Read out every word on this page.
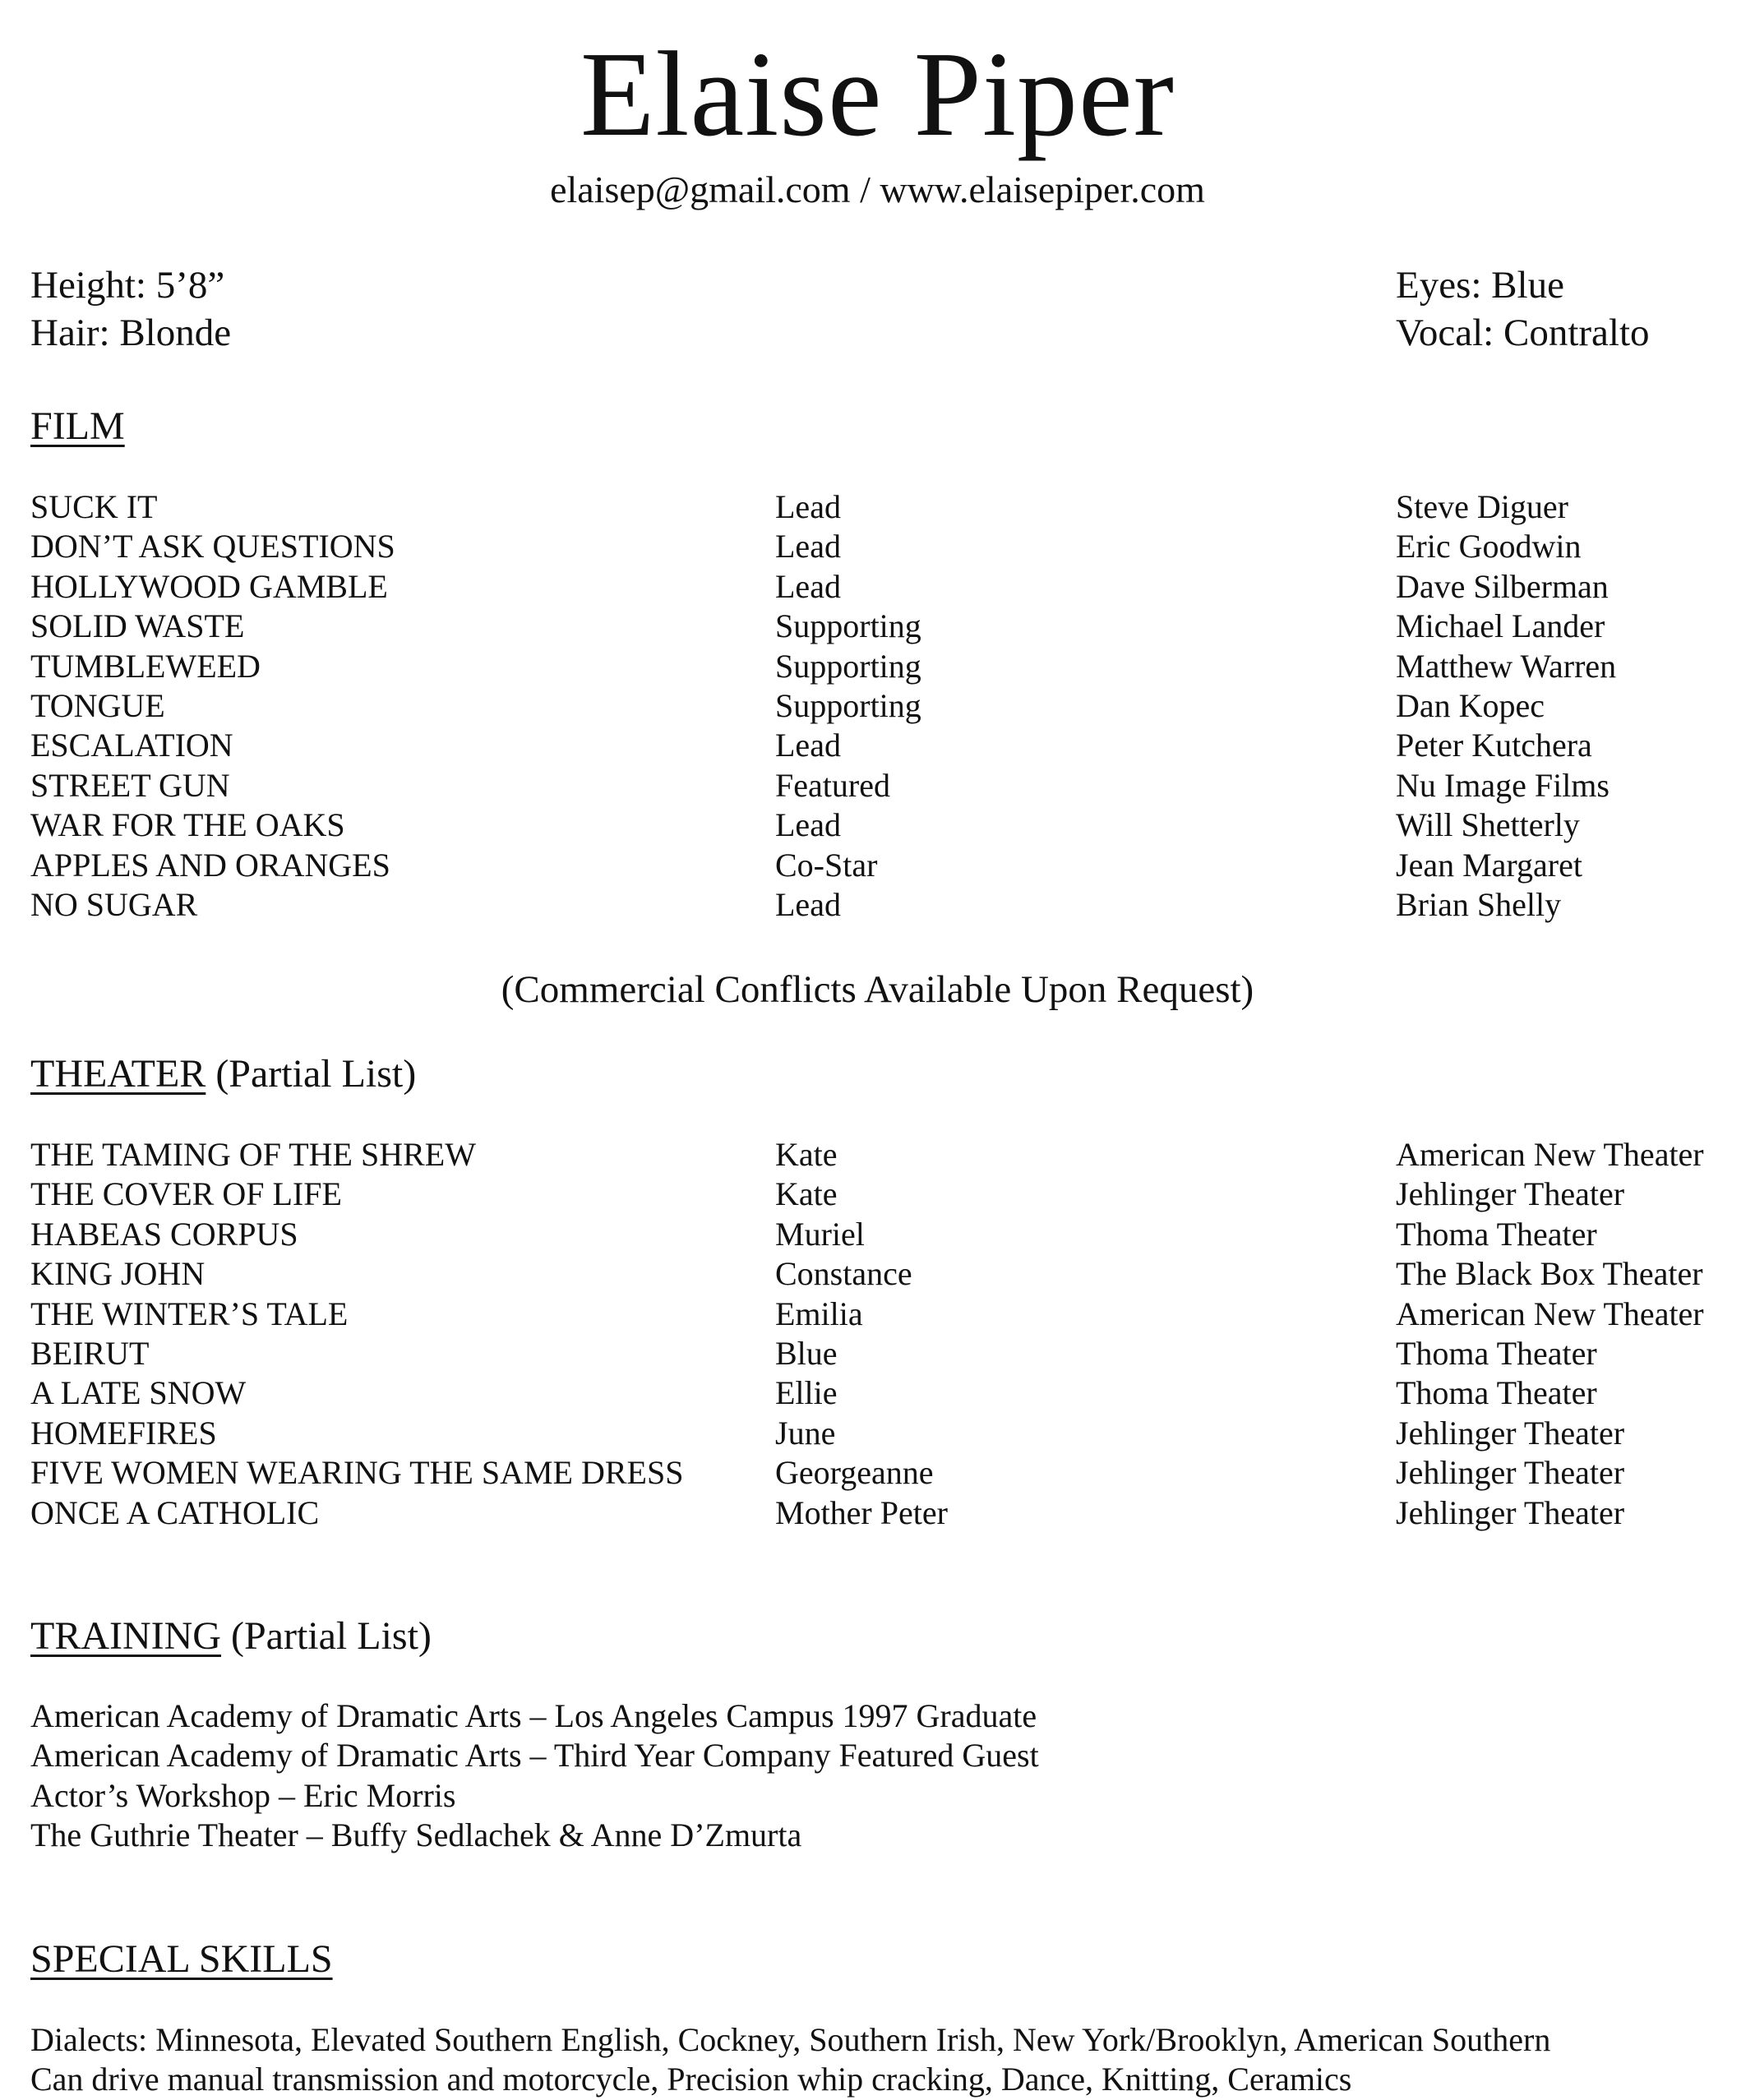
Elaise Piper
elaisep@gmail.com / www.elaisepiper.com
Height: 5’8”
Hair: Blonde
Eyes: Blue
Vocal: Contralto
FILM
SUCK IT	Lead	Steve Diguer
DON’T ASK QUESTIONS	Lead	Eric Goodwin
HOLLYWOOD GAMBLE	Lead	Dave Silberman
SOLID WASTE	Supporting	Michael Lander
TUMBLEWEED	Supporting	Matthew Warren
TONGUE	Supporting	Dan Kopec
ESCALATION	Lead	Peter Kutchera
STREET GUN	Featured	Nu Image Films
WAR FOR THE OAKS	Lead	Will Shetterly
APPLES AND ORANGES	Co-Star	Jean Margaret
NO SUGAR	Lead	Brian Shelly
(Commercial Conflicts Available Upon Request)
THEATER (Partial List)
THE TAMING OF THE SHREW	Kate	American New Theater
THE COVER OF LIFE	Kate	Jehlinger Theater
HABEAS CORPUS	Muriel	Thoma Theater
KING JOHN	Constance	The Black Box Theater
THE WINTER’S TALE	Emilia	American New Theater
BEIRUT	Blue	Thoma Theater
A LATE SNOW	Ellie	Thoma Theater
HOMEFIRES	June	Jehlinger Theater
FIVE WOMEN WEARING THE SAME DRESS	Georgeanne	Jehlinger Theater
ONCE A CATHOLIC	Mother Peter	Jehlinger Theater
TRAINING (Partial List)
American Academy of Dramatic Arts – Los Angeles Campus 1997 Graduate
American Academy of Dramatic Arts – Third Year Company Featured Guest
Actor’s Workshop – Eric Morris
The Guthrie Theater – Buffy Sedlachek & Anne D’Zmurta
SPECIAL SKILLS
Dialects: Minnesota, Elevated Southern English, Cockney, Southern Irish, New York/Brooklyn, American Southern
Can drive manual transmission and motorcycle, Precision whip cracking, Dance, Knitting, Ceramics
